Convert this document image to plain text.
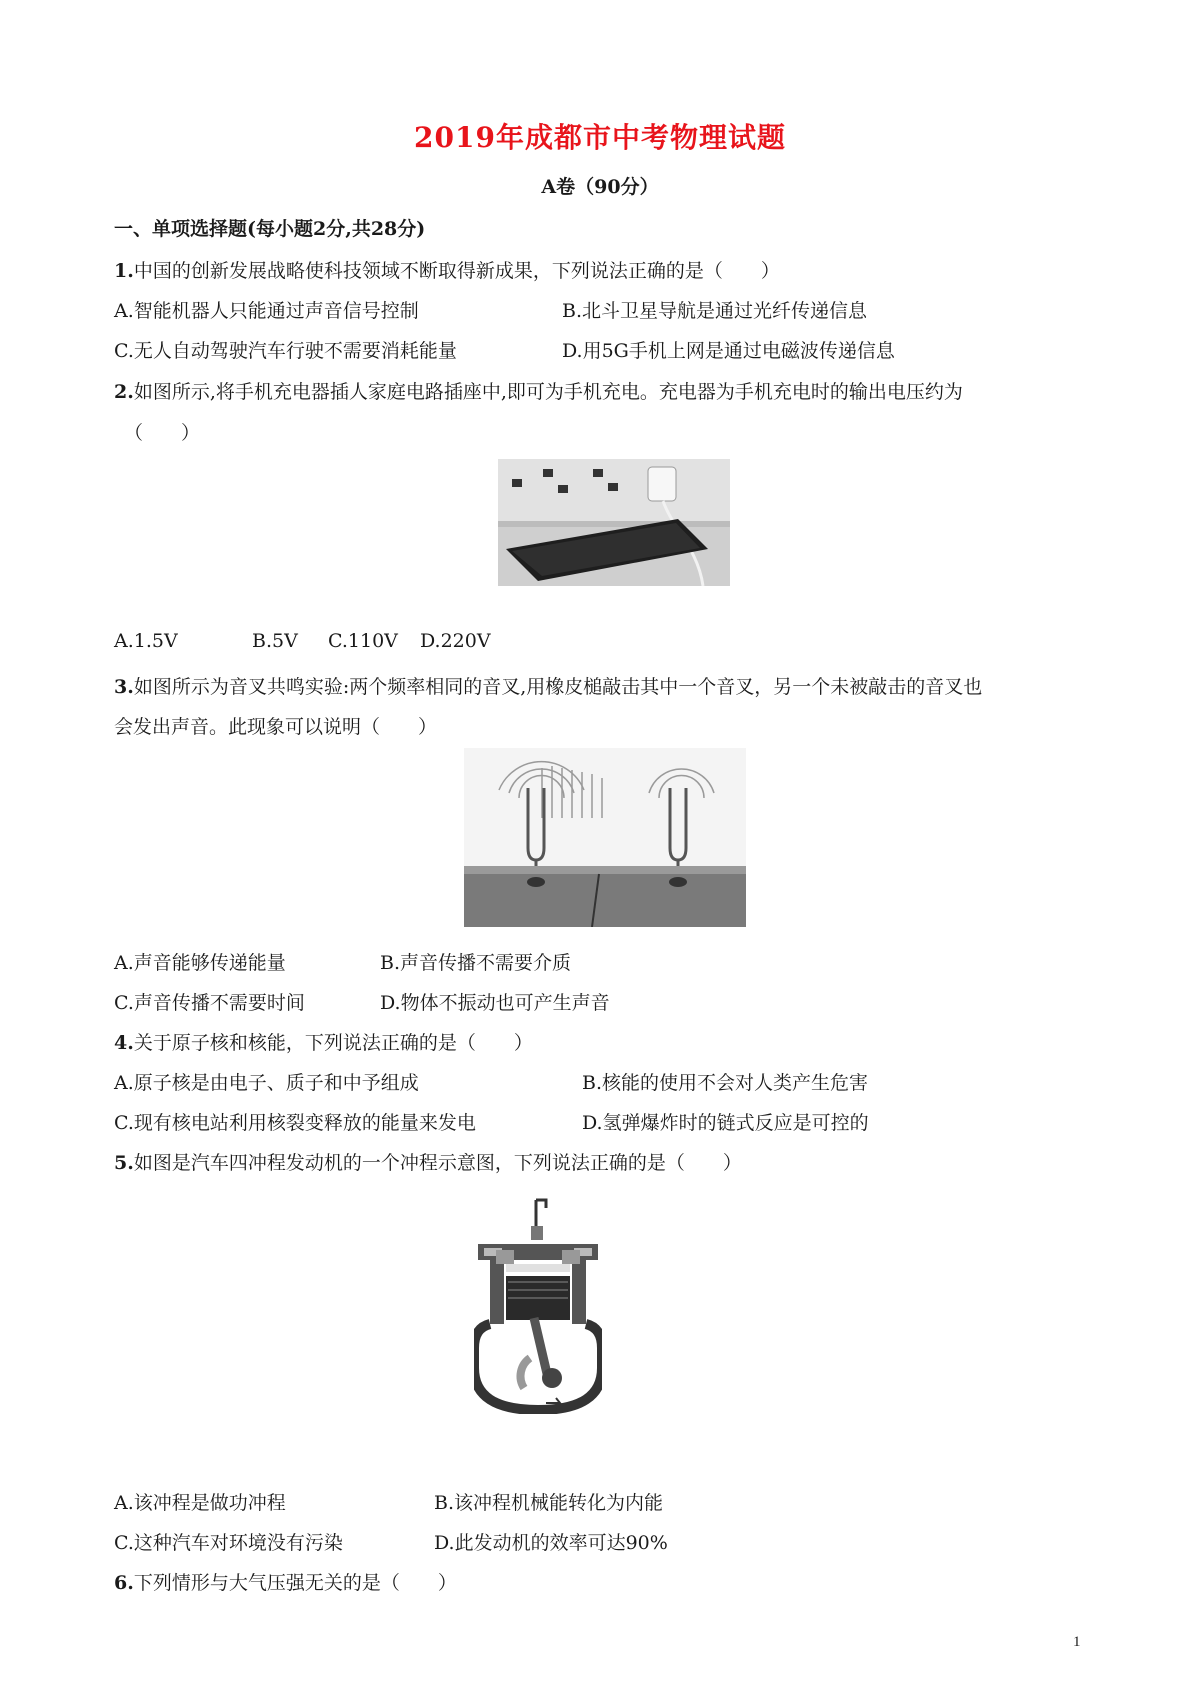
2019年成都市中考物理试题
A卷（90分）
一、单项选择题(每小题2分,共28分)
1.中国的创新发展战略使科技领域不断取得新成果，下列说法正确的是（　　）
A.智能机器人只能通过声音信号控制	B.北斗卫星导航是通过光纤传递信息
C.无人自动驾驶汽车行驶不需要消耗能量	D.用5G手机上网是通过电磁波传递信息
2.如图所示,将手机充电器插人家庭电路插座中,即可为手机充电。充电器为手机充电时的输出电压约为
（　　）
A.1.5V	B.5V C.110V D.220V
3.如图所示为音叉共鸣实验:两个频率相同的音叉,用橡皮槌敲击其中一个音叉，另一个未被敲击的音叉也
会发出声音。此现象可以说明（　　）
A.声音能够传递能量	B.声音传播不需要介质
C.声音传播不需要时间	D.物体不振动也可产生声音
4.关于原子核和核能，下列说法正确的是（　　）
A.原子核是由电子、质子和中予组成	B.核能的使用不会对人类产生危害
C.现有核电站利用核裂变释放的能量来发电	D.氢弹爆炸时的链式反应是可控的
5.如图是汽车四冲程发动机的一个冲程示意图，下列说法正确的是（　　）
A.该冲程是做功冲程	B.该冲程机械能转化为内能
C.这种汽车对环境没有污染	D.此发动机的效率可达90%
6.下列情形与大气压强无关的是（　　）
1
